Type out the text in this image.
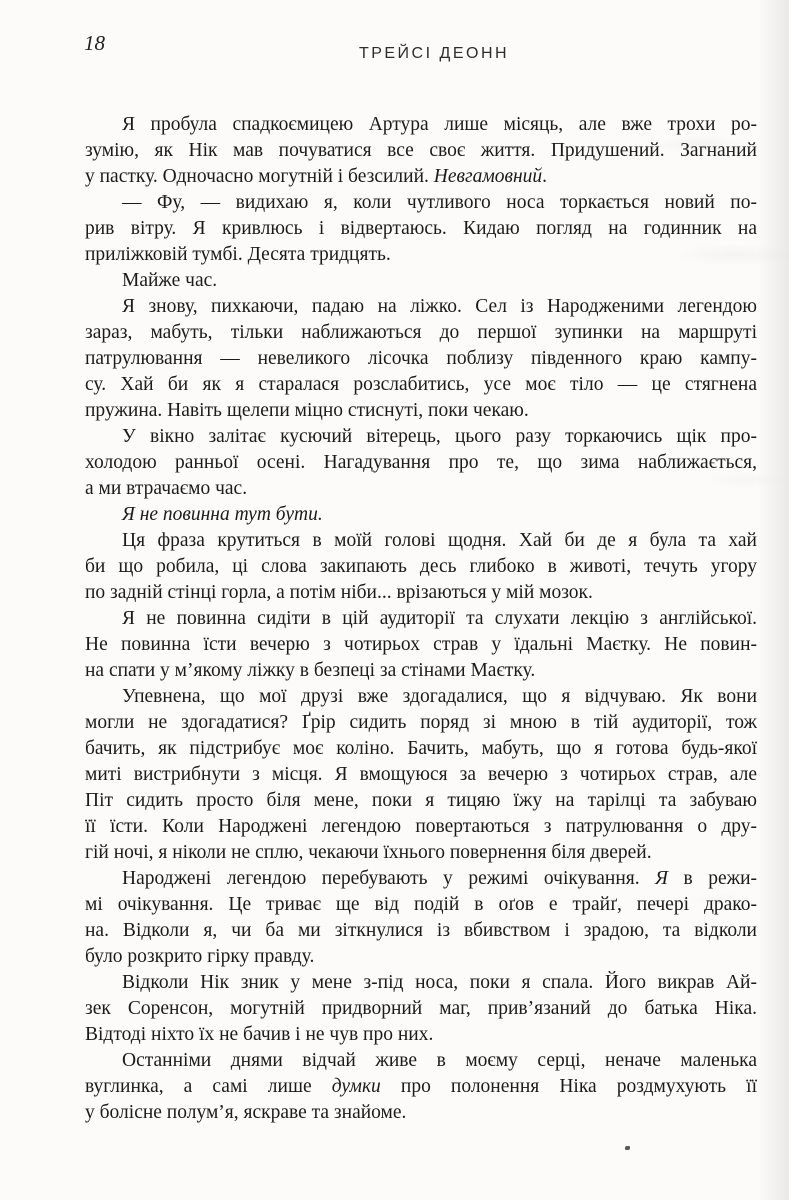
18	ТРЕЙСІ ДЕОНН
Я пробула спадкоємицею Артура лише місяць, але вже трохи ро-
зумію, як Нік мав почуватися все своє життя. Придушений. Загнаний
у пастку. Одночасно могутній і безсилий. Невгамовний.
— Фу, — видихаю я, коли чутливого носа торкається новий по-
рив вітру. Я кривлюсь і відвертаюсь. Кидаю погляд на годинник на
приліжковій тумбі. Десята тридцять.
Майже час.
Я знову, пихкаючи, падаю на ліжко. Сел із Народженими легендою
зараз, мабуть, тільки наближаються до першої зупинки на маршруті
патрулювання — невеликого лісочка поблизу південного краю кампу-
су. Хай би як я старалася розслабитись, усе моє тіло — це стягнена
пружина. Навіть щелепи міцно стиснуті, поки чекаю.
У вікно залітає кусючий вітерець, цього разу торкаючись щік про-
холодою ранньої осені. Нагадування про те, що зима наближається,
а ми втрачаємо час.
Я не повинна тут бути.
Ця фраза крутиться в моїй голові щодня. Хай би де я була та хай
би що робила, ці слова закипають десь глибоко в животі, течуть угору
по задній стінці горла, а потім ніби... врізаються у мій мозок.
Я не повинна сидіти в цій аудиторії та слухати лекцію з англійської.
Не повинна їсти вечерю з чотирьох страв у їдальні Маєтку. Не повин-
на спати у м’якому ліжку в безпеці за стінами Маєтку.
Упевнена, що мої друзі вже здогадалися, що я відчуваю. Як вони
могли не здогадатися? Ґрір сидить поряд зі мною в тій аудиторії, тож
бачить, як підстрибує моє коліно. Бачить, мабуть, що я готова будь-якої
миті вистрибнути з місця. Я вмощуюся за вечерю з чотирьох страв, але
Піт сидить просто біля мене, поки я тицяю їжу на тарілці та забуваю
її їсти. Коли Народжені легендою повертаються з патрулювання о дру-
гій ночі, я ніколи не сплю, чекаючи їхнього повернення біля дверей.
Народжені легендою перебувають у режимі очікування. Я в режи-
мі очікування. Це триває ще від подій в оґов е трайґ, печері драко-
на. Відколи я, чи ба ми зіткнулися із вбивством і зрадою, та відколи
було розкрито гірку правду.
Відколи Нік зник у мене з-під носа, поки я спала. Його викрав Ай-
зек Соренсон, могутній придворний маг, прив’язаний до батька Ніка.
Відтоді ніхто їх не бачив і не чув про них.
Останніми днями відчай живе в моєму серці, неначе маленька
вуглинка, а самі лише думки про полонення Ніка роздмухують її
у болісне полум’я, яскраве та знайоме.
